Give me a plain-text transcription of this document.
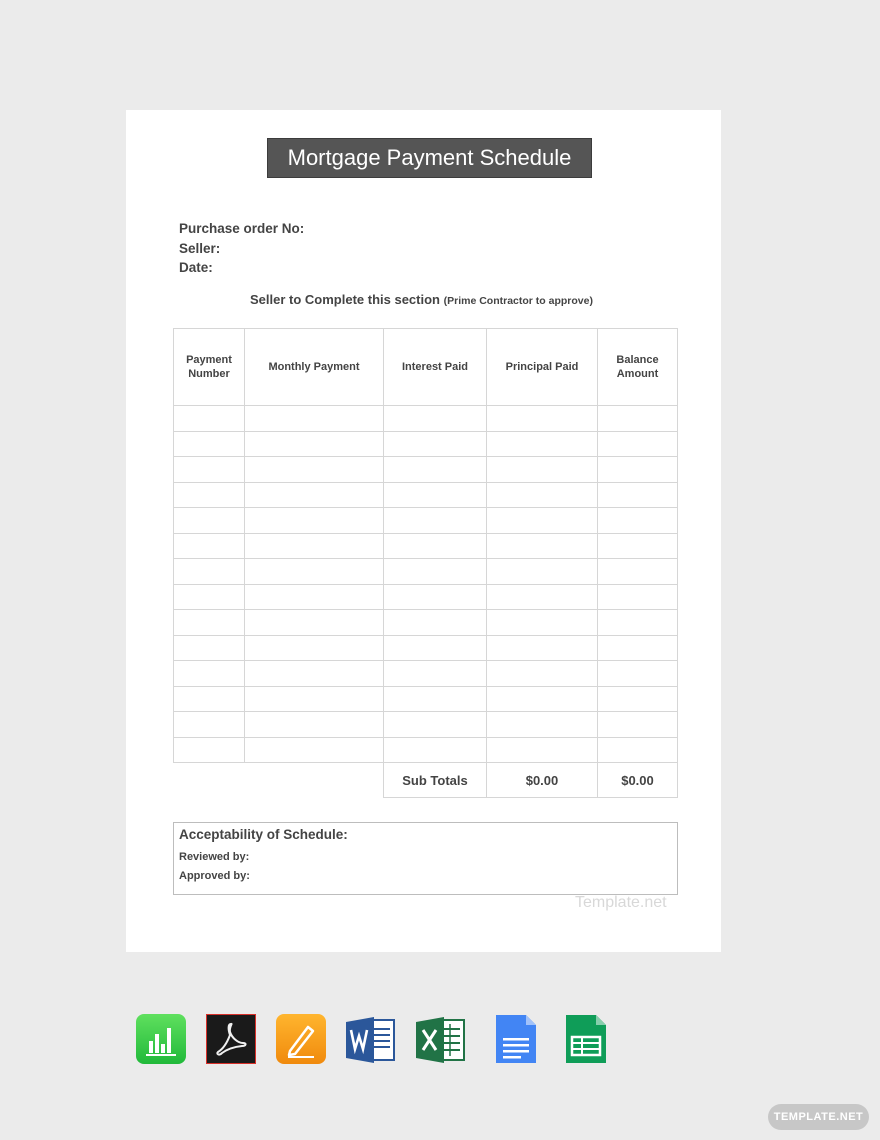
Mortgage Payment Schedule
Purchase order No:
Seller:
Date:
Seller to Complete this section (Prime Contractor to approve)
Payment
Number	Monthly Payment	Interest Paid	Principal Paid	Balance
Amount

		Sub Totals	$0.00	$0.00
Acceptability of Schedule:
Reviewed by:
Approved by:
Template.net
TEMPLATE.NET
